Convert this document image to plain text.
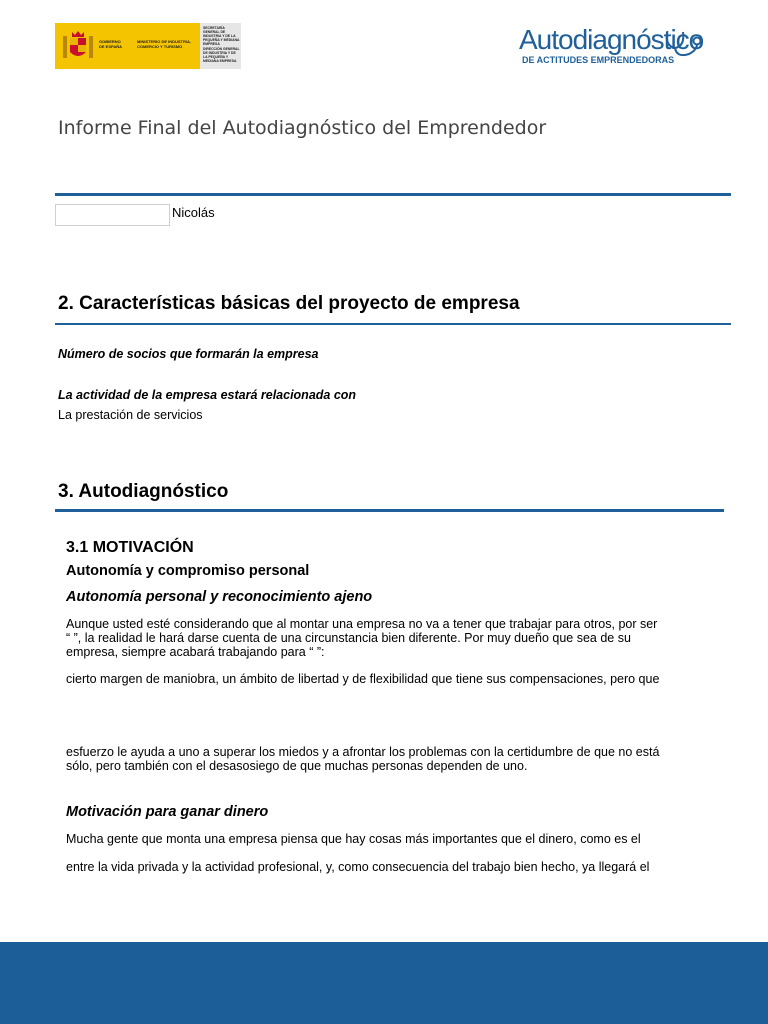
GOBIERNO
DE ESPAÑA
MINISTERIO DE INDUSTRIA, COMERCIO Y TURISMO
SECRETARÍA GENERAL DE INDUSTRIA Y DE LA PEQUEÑA Y MEDIANA EMPRESA
DIRECCIÓN GENERAL DE INDUSTRIA Y DE LA PEQUEÑA Y MEDIANA EMPRESA
Autodiagnóstico
DE ACTITUDES EMPRENDEDORAS
Informe Final del Autodiagnóstico del Emprendedor
Nicolás
2. Características básicas del proyecto de empresa
Número de socios que formarán la empresa
La actividad de la empresa estará relacionada con
La prestación de servicios
3. Autodiagnóstico
3.1 MOTIVACIÓN
Autonomía y compromiso personal
Autonomía personal y reconocimiento ajeno
Aunque usted esté considerando que al montar una empresa no va a tener que trabajar para otros, por ser
“ ”, la realidad le hará darse cuenta de una circunstancia bien diferente. Por muy dueño que sea de su
empresa, siempre acabará trabajando para “ ”:
cierto margen de maniobra, un ámbito de libertad y de flexibilidad que tiene sus compensaciones, pero que
esfuerzo le ayuda a uno a superar los miedos y a afrontar los problemas con la certidumbre de que no está
sólo, pero también con el desasosiego de que muchas personas dependen de uno.
Motivación para ganar dinero
Mucha gente que monta una empresa piensa que hay cosas más importantes que el dinero, como es el
entre la vida privada y la actividad profesional, y, como consecuencia del trabajo bien hecho, ya llegará el
